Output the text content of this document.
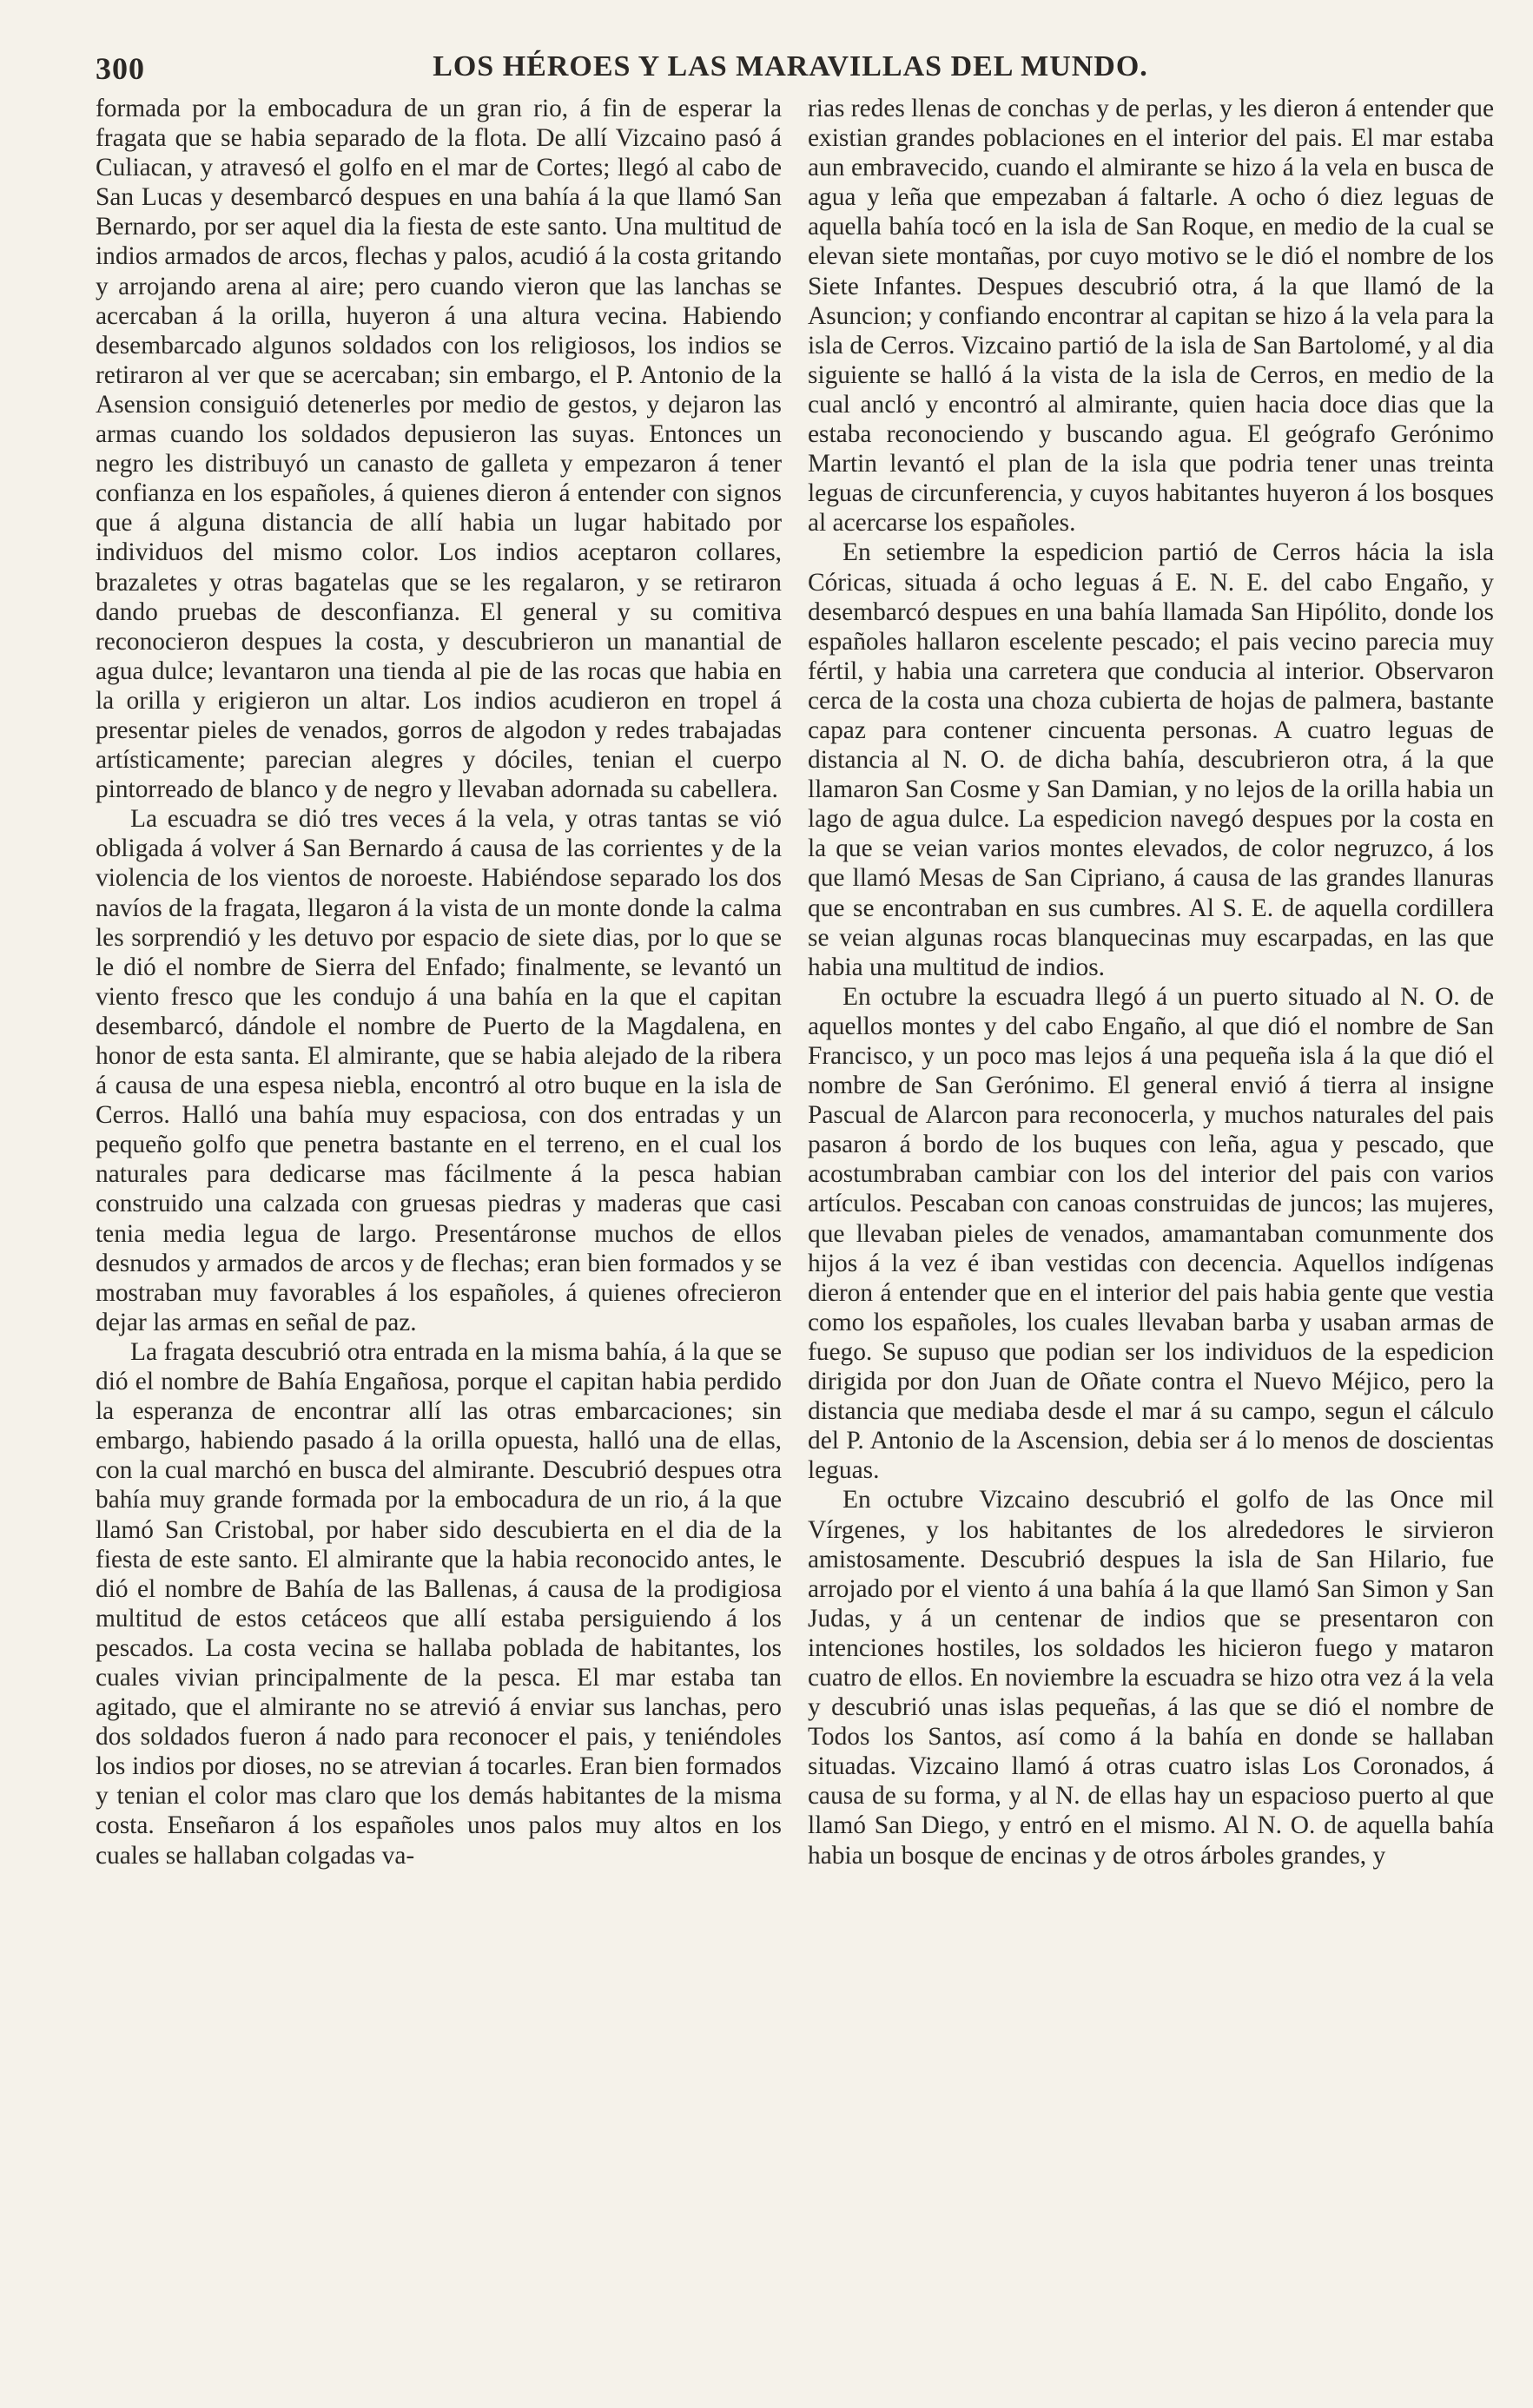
300	LOS HÉROES Y LAS MARAVILLAS DEL MUNDO.

formada por la embocadura de un gran rio, á fin de esperar la fragata que se habia separado de la flota. De allí Vizcaino pasó á Culiacan, y atravesó el golfo en el mar de Cortes; llegó al cabo de San Lucas y desembarcó despues en una bahía á la que llamó San Bernardo, por ser aquel dia la fiesta de este santo. Una multitud de indios armados de arcos, flechas y palos, acudió á la costa gritando y arrojando arena al aire; pero cuando vieron que las lanchas se acercaban á la orilla, huyeron á una altura vecina. Habiendo desembarcado algunos soldados con los religiosos, los indios se retiraron al ver que se acercaban; sin embargo, el P. Antonio de la Asension consiguió detenerles por medio de gestos, y dejaron las armas cuando los soldados depusieron las suyas. Entonces un negro les distribuyó un canasto de galleta y empezaron á tener confianza en los españoles, á quienes dieron á entender con signos que á alguna distancia de allí habia un lugar habitado por individuos del mismo color. Los indios aceptaron collares, brazaletes y otras bagatelas que se les regalaron, y se retiraron dando pruebas de desconfianza. El general y su comitiva reconocieron despues la costa, y descubrieron un manantial de agua dulce; levantaron una tienda al pie de las rocas que habia en la orilla y erigieron un altar. Los indios acudieron en tropel á presentar pieles de venados, gorros de algodon y redes trabajadas artísticamente; parecian alegres y dóciles, tenian el cuerpo pintorreado de blanco y de negro y llevaban adornada su cabellera.

La escuadra se dió tres veces á la vela, y otras tantas se vió obligada á volver á San Bernardo á causa de las corrientes y de la violencia de los vientos de noroeste. Habiéndose separado los dos navíos de la fragata, llegaron á la vista de un monte donde la calma les sorprendió y les detuvo por espacio de siete dias, por lo que se le dió el nombre de Sierra del Enfado; finalmente, se levantó un viento fresco que les condujo á una bahía en la que el capitan desembarcó, dándole el nombre de Puerto de la Magdalena, en honor de esta santa. El almirante, que se habia alejado de la ribera á causa de una espesa niebla, encontró al otro buque en la isla de Cerros. Halló una bahía muy espaciosa, con dos entradas y un pequeño golfo que penetra bastante en el terreno, en el cual los naturales para dedicarse mas fácilmente á la pesca habian construido una calzada con gruesas piedras y maderas que casi tenia media legua de largo. Presentáronse muchos de ellos desnudos y armados de arcos y de flechas; eran bien formados y se mostraban muy favorables á los españoles, á quienes ofrecieron dejar las armas en señal de paz.

La fragata descubrió otra entrada en la misma bahía, á la que se dió el nombre de Bahía Engañosa, porque el capitan habia perdido la esperanza de encontrar allí las otras embarcaciones; sin embargo, habiendo pasado á la orilla opuesta, halló una de ellas, con la cual marchó en busca del almirante. Descubrió despues otra bahía muy grande formada por la embocadura de un rio, á la que llamó San Cristobal, por haber sido descubierta en el dia de la fiesta de este santo. El almirante que la habia reconocido antes, le dió el nombre de Bahía de las Ballenas, á causa de la prodigiosa multitud de estos cetáceos que allí estaba persiguiendo á los pescados. La costa vecina se hallaba poblada de habitantes, los cuales vivian principalmente de la pesca. El mar estaba tan agitado, que el almirante no se atrevió á enviar sus lanchas, pero dos soldados fueron á nado para reconocer el pais, y teniéndoles los indios por dioses, no se atrevian á tocarles. Eran bien formados y tenian el color mas claro que los demás habitantes de la misma costa. Enseñaron á los españoles unos palos muy altos en los cuales se hallaban colgadas va-

rias redes llenas de conchas y de perlas, y les dieron á entender que existian grandes poblaciones en el interior del pais. El mar estaba aun embravecido, cuando el almirante se hizo á la vela en busca de agua y leña que empezaban á faltarle. A ocho ó diez leguas de aquella bahía tocó en la isla de San Roque, en medio de la cual se elevan siete montañas, por cuyo motivo se le dió el nombre de los Siete Infantes. Despues descubrió otra, á la que llamó de la Asuncion; y confiando encontrar al capitan se hizo á la vela para la isla de Cerros. Vizcaino partió de la isla de San Bartolomé, y al dia siguiente se halló á la vista de la isla de Cerros, en medio de la cual ancló y encontró al almirante, quien hacia doce dias que la estaba reconociendo y buscando agua. El geógrafo Gerónimo Martin levantó el plan de la isla que podria tener unas treinta leguas de circunferencia, y cuyos habitantes huyeron á los bosques al acercarse los españoles.

En setiembre la espedicion partió de Cerros hácia la isla Córicas, situada á ocho leguas á E. N. E. del cabo Engaño, y desembarcó despues en una bahía llamada San Hipólito, donde los españoles hallaron escelente pescado; el pais vecino parecia muy fértil, y habia una carretera que conducia al interior. Observaron cerca de la costa una choza cubierta de hojas de palmera, bastante capaz para contener cincuenta personas. A cuatro leguas de distancia al N. O. de dicha bahía, descubrieron otra, á la que llamaron San Cosme y San Damian, y no lejos de la orilla habia un lago de agua dulce. La espedicion navegó despues por la costa en la que se veian varios montes elevados, de color negruzco, á los que llamó Mesas de San Cipriano, á causa de las grandes llanuras que se encontraban en sus cumbres. Al S. E. de aquella cordillera se veian algunas rocas blanquecinas muy escarpadas, en las que habia una multitud de indios.

En octubre la escuadra llegó á un puerto situado al N. O. de aquellos montes y del cabo Engaño, al que dió el nombre de San Francisco, y un poco mas lejos á una pequeña isla á la que dió el nombre de San Gerónimo. El general envió á tierra al insigne Pascual de Alarcon para reconocerla, y muchos naturales del pais pasaron á bordo de los buques con leña, agua y pescado, que acostumbraban cambiar con los del interior del pais con varios artículos. Pescaban con canoas construidas de juncos; las mujeres, que llevaban pieles de venados, amamantaban comunmente dos hijos á la vez é iban vestidas con decencia. Aquellos indígenas dieron á entender que en el interior del pais habia gente que vestia como los españoles, los cuales llevaban barba y usaban armas de fuego. Se supuso que podian ser los individuos de la espedicion dirigida por don Juan de Oñate contra el Nuevo Méjico, pero la distancia que mediaba desde el mar á su campo, segun el cálculo del P. Antonio de la Ascension, debia ser á lo menos de doscientas leguas.

En octubre Vizcaino descubrió el golfo de las Once mil Vírgenes, y los habitantes de los alrededores le sirvieron amistosamente. Descubrió despues la isla de San Hilario, fue arrojado por el viento á una bahía á la que llamó San Simon y San Judas, y á un centenar de indios que se presentaron con intenciones hostiles, los soldados les hicieron fuego y mataron cuatro de ellos. En noviembre la escuadra se hizo otra vez á la vela y descubrió unas islas pequeñas, á las que se dió el nombre de Todos los Santos, así como á la bahía en donde se hallaban situadas. Vizcaino llamó á otras cuatro islas Los Coronados, á causa de su forma, y al N. de ellas hay un espacioso puerto al que llamó San Diego, y entró en el mismo. Al N. O. de aquella bahía habia un bosque de encinas y de otros árboles grandes, y
